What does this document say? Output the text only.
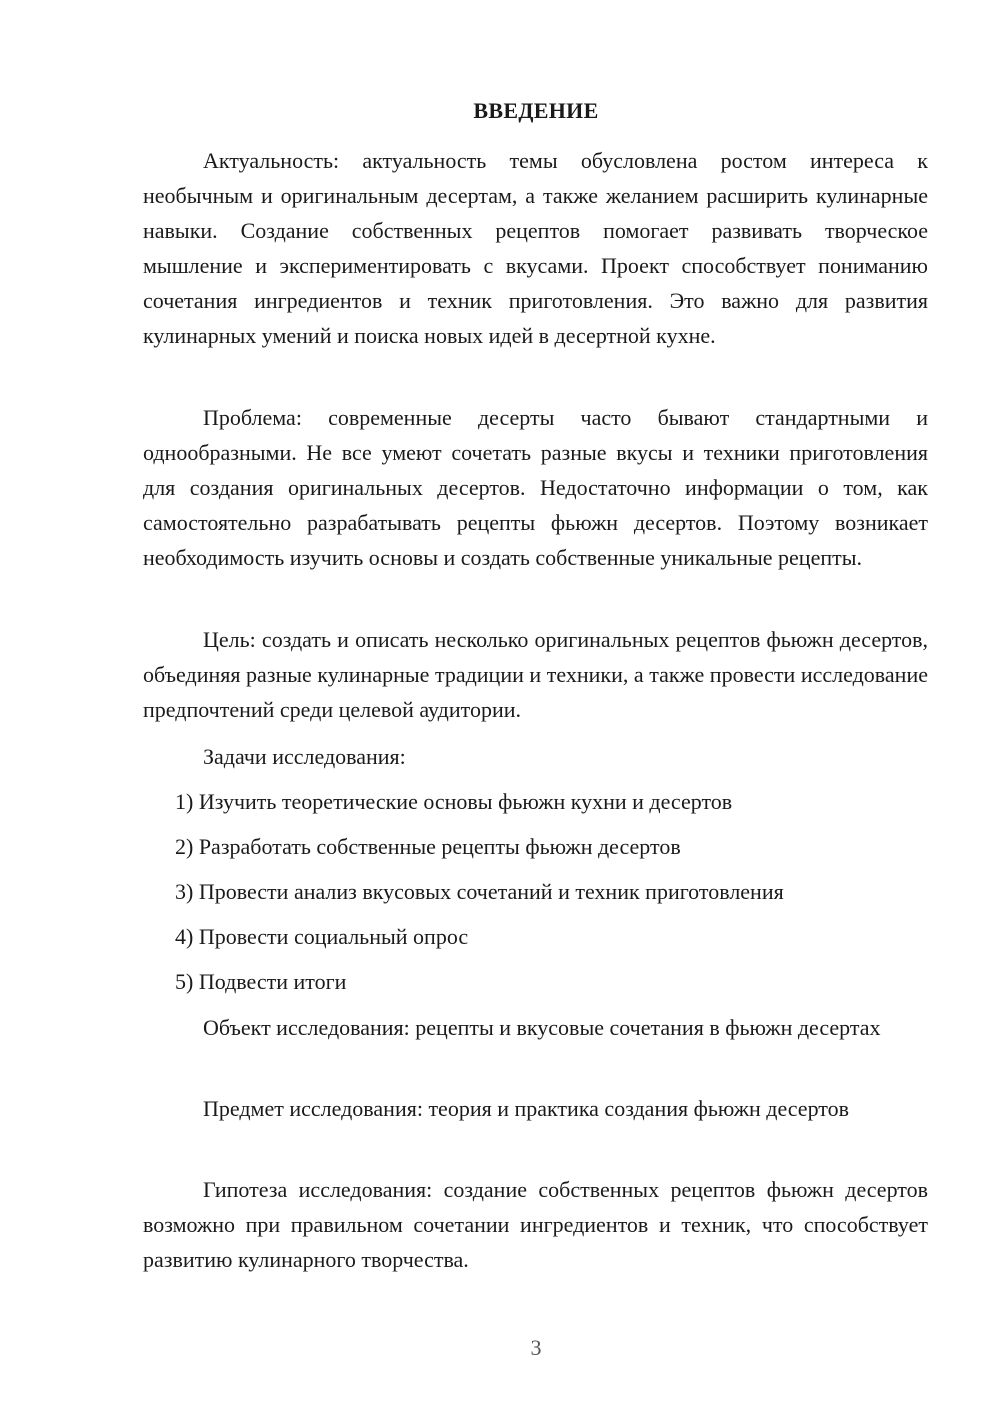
ВВЕДЕНИЕ

Актуальность: актуальность темы обусловлена ростом интереса к необычным и оригинальным десертам, а также желанием расширить кулинарные навыки. Создание собственных рецептов помогает развивать творческое мышление и экспериментировать с вкусами. Проект способствует пониманию сочетания ингредиентов и техник приготовления. Это важно для развития кулинарных умений и поиска новых идей в десертной кухне.

Проблема: современные десерты часто бывают стандартными и однообразными. Не все умеют сочетать разные вкусы и техники приготовления для создания оригинальных десертов. Недостаточно информации о том, как самостоятельно разрабатывать рецепты фьюжн десертов. Поэтому возникает необходимость изучить основы и создать собственные уникальные рецепты.

Цель: создать и описать несколько оригинальных рецептов фьюжн десертов, объединяя разные кулинарные традиции и техники, а также провести исследование предпочтений среди целевой аудитории.

Задачи исследования:

1) Изучить теоретические основы фьюжн кухни и десертов
2) Разработать собственные рецепты фьюжн десертов
3) Провести анализ вкусовых сочетаний и техник приготовления
4) Провести социальный опрос
5) Подвести итоги

Объект исследования: рецепты и вкусовые сочетания в фьюжн десертах

Предмет исследования: теория и практика создания фьюжн десертов

Гипотеза исследования: создание собственных рецептов фьюжн десертов возможно при правильном сочетании ингредиентов и техник, что способствует развитию кулинарного творчества.

3
